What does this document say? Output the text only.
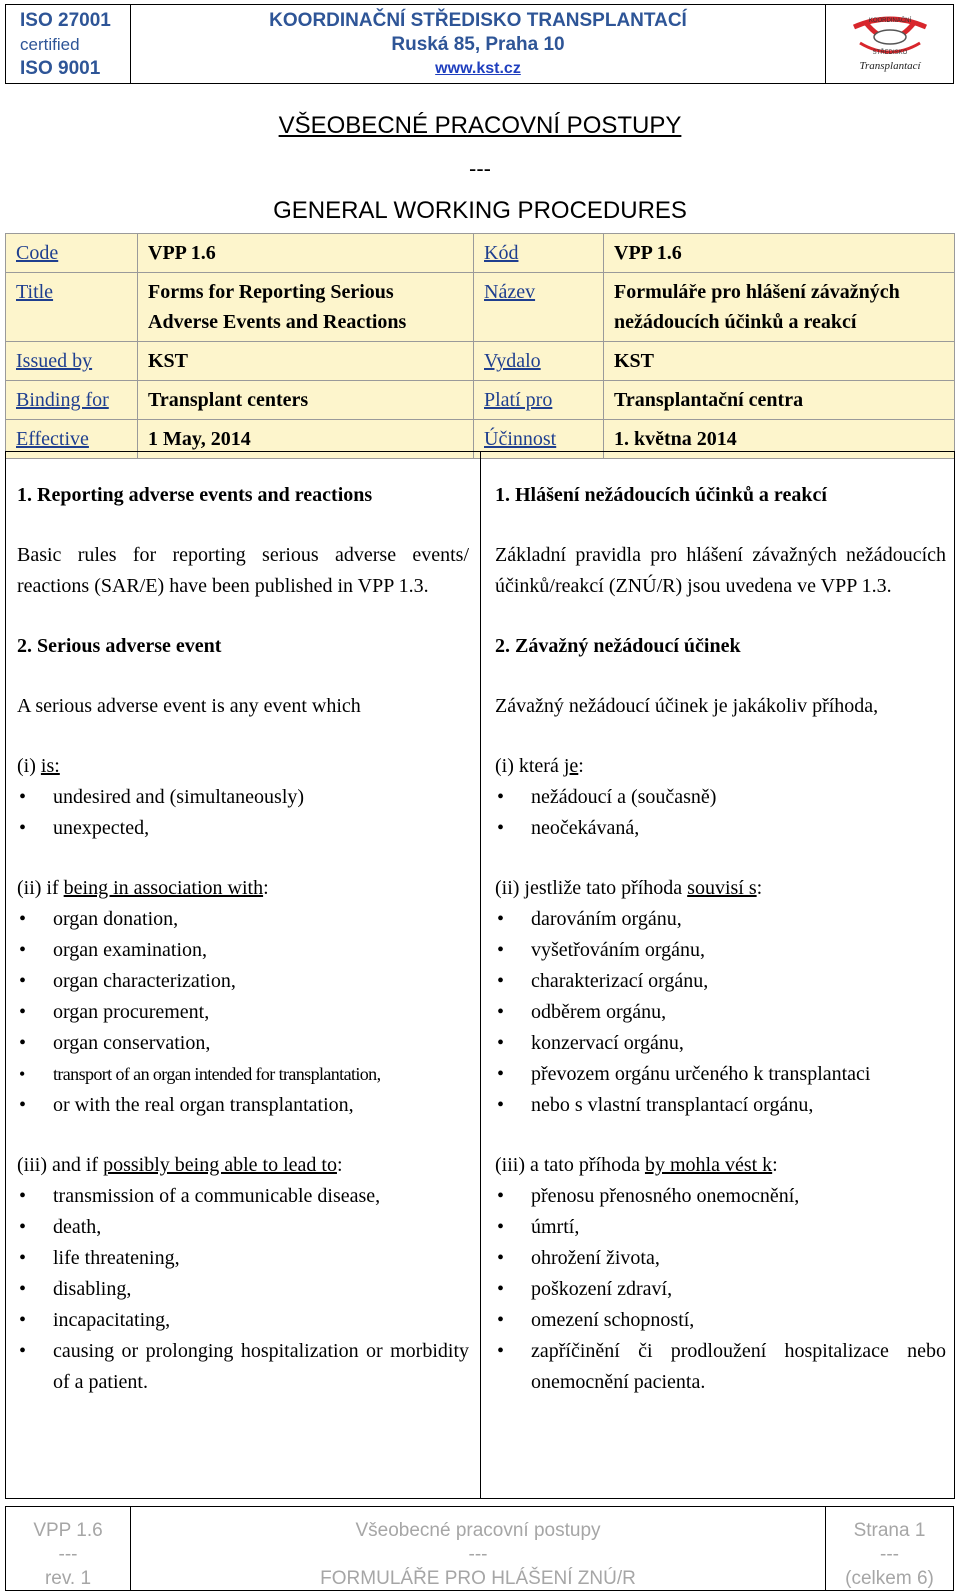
ISO 27001
certified
ISO 9001
KOORDINAČNÍ STŘEDISKO TRANSPLANTACÍ
Ruská 85, Praha 10
www.kst.cz
KOORDINAČNÍ
STŘEDISKO
Transplantací
VŠEOBECNÉ PRACOVNÍ POSTUPY
---
GENERAL WORKING PROCEDURES
Code	VPP 1.6	Kód	VPP 1.6
Title	Forms for Reporting Serious Adverse Events and Reactions	Název	Formuláře pro hlášení závažných nežádoucích účinků a reakcí
Issued by	KST	Vydalo	KST
Binding for	Transplant centers	Platí pro	Transplantační centra
Effective	1 May, 2014	Účinnost	1. května 2014
1. Reporting adverse events and reactions
Basic rules for reporting serious adverse events/ reactions (SAR/E) have been published in VPP 1.3.
2. Serious adverse event
A serious adverse event is any event which
(i) is:
• undesired and (simultaneously)
• unexpected,
(ii) if being in association with:
• organ donation,
• organ examination,
• organ characterization,
• organ procurement,
• organ conservation,
• transport of an organ intended for transplantation,
• or with the real organ transplantation,
(iii) and if possibly being able to lead to:
• transmission of a communicable disease,
• death,
• life threatening,
• disabling,
• incapacitating,
• causing or prolonging hospitalization or morbidity of a patient.
1. Hlášení nežádoucích účinků a reakcí
Základní pravidla pro hlášení závažných nežádoucích účinků/reakcí (ZNÚ/R) jsou uvedena ve VPP 1.3.
2. Závažný nežádoucí účinek
Závažný nežádoucí účinek je jakákoliv příhoda,
(i) která je:
• nežádoucí a (současně)
• neočekávaná,
(ii) jestliže tato příhoda souvisí s:
• darováním orgánu,
• vyšetřováním orgánu,
• charakterizací orgánu,
• odběrem orgánu,
• konzervací orgánu,
• převozem orgánu určeného k transplantaci
• nebo s vlastní transplantací orgánu,
(iii) a tato příhoda by mohla vést k:
• přenosu přenosného onemocnění,
• úmrtí,
• ohrožení života,
• poškození zdraví,
• omezení schopností,
• zapříčinění či prodloužení hospitalizace nebo onemocnění pacienta.
VPP 1.6
---
rev. 1
Všeobecné pracovní postupy
---
FORMULÁŘE PRO HLÁŠENÍ ZNÚ/R
Strana 1
---
(celkem 6)
